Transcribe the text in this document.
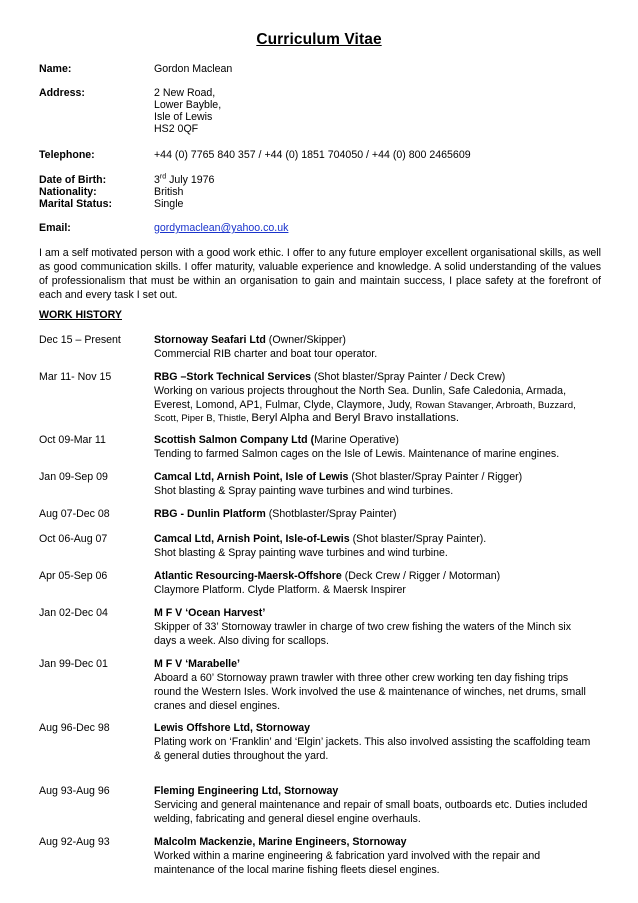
Curriculum Vitae
Name:	Gordon Maclean
Address:	2 New Road,
Lower Bayble,
Isle of Lewis
HS2 0QF
Telephone:	+44 (0) 7765 840 357 / +44 (0) 1851 704050 / +44 (0) 800 2465609
Date of Birth:	3rd July 1976
Nationality:	British
Marital Status:	Single
Email:	gordymaclean@yahoo.co.uk
I am a self motivated person with a good work ethic. I offer to any future employer excellent organisational skills, as well as good communication skills. I offer maturity, valuable experience and knowledge. A solid understanding of the values of professionalism that must be within an organisation to gain and maintain success, I place safety at the forefront of each and every task I set out.
WORK HISTORY
Dec 15 – Present	Stornoway Seafari Ltd (Owner/Skipper)
Commercial RIB charter and boat tour operator.
Mar 11- Nov 15	RBG –Stork Technical Services (Shot blaster/Spray Painter / Deck Crew)
Working on various projects throughout the North Sea. Dunlin, Safe Caledonia, Armada,
Everest, Lomond, AP1, Fulmar, Clyde, Claymore, Judy, Rowan Stavanger, Arbroath, Buzzard,
Scott, Piper B, Thistle, Beryl Alpha and Beryl Bravo installations.
Oct 09-Mar 11	Scottish Salmon Company Ltd (Marine Operative)
Tending to farmed Salmon cages on the Isle of Lewis. Maintenance of marine engines.
Jan 09-Sep 09	Camcal Ltd, Arnish Point, Isle of Lewis (Shot blaster/Spray Painter / Rigger)
Shot blasting & Spray painting wave turbines and wind turbines.
Aug 07-Dec 08	RBG - Dunlin Platform (Shotblaster/Spray Painter)
Oct 06-Aug 07	Camcal Ltd, Arnish Point, Isle-of-Lewis (Shot blaster/Spray Painter).
Shot blasting & Spray painting wave turbines and wind turbine.
Apr 05-Sep 06	Atlantic Resourcing-Maersk-Offshore (Deck Crew / Rigger / Motorman)
Claymore Platform. Clyde Platform. & Maersk Inspirer
Jan 02-Dec 04	M F V ‘Ocean Harvest’
Skipper of 33’ Stornoway trawler in charge of two crew fishing the waters of the Minch six
days a week. Also diving for scallops.
Jan 99-Dec 01	M F V ‘Marabelle’
Aboard a 60’ Stornoway prawn trawler with three other crew working ten day fishing trips
round the Western Isles. Work involved the use & maintenance of winches, net drums, small
cranes and diesel engines.
Aug 96-Dec 98	Lewis Offshore Ltd, Stornoway
Plating work on ‘Franklin’ and ‘Elgin’ jackets. This also involved assisting the scaffolding team
& general duties throughout the yard.
Aug 93-Aug 96	Fleming Engineering Ltd, Stornoway
Servicing and general maintenance and repair of small boats, outboards etc. Duties included
welding, fabricating and general diesel engine overhauls.
Aug 92-Aug 93	Malcolm Mackenzie, Marine Engineers, Stornoway
Worked within a marine engineering & fabrication yard involved with the repair and
maintenance of the local marine fishing fleets diesel engines.
